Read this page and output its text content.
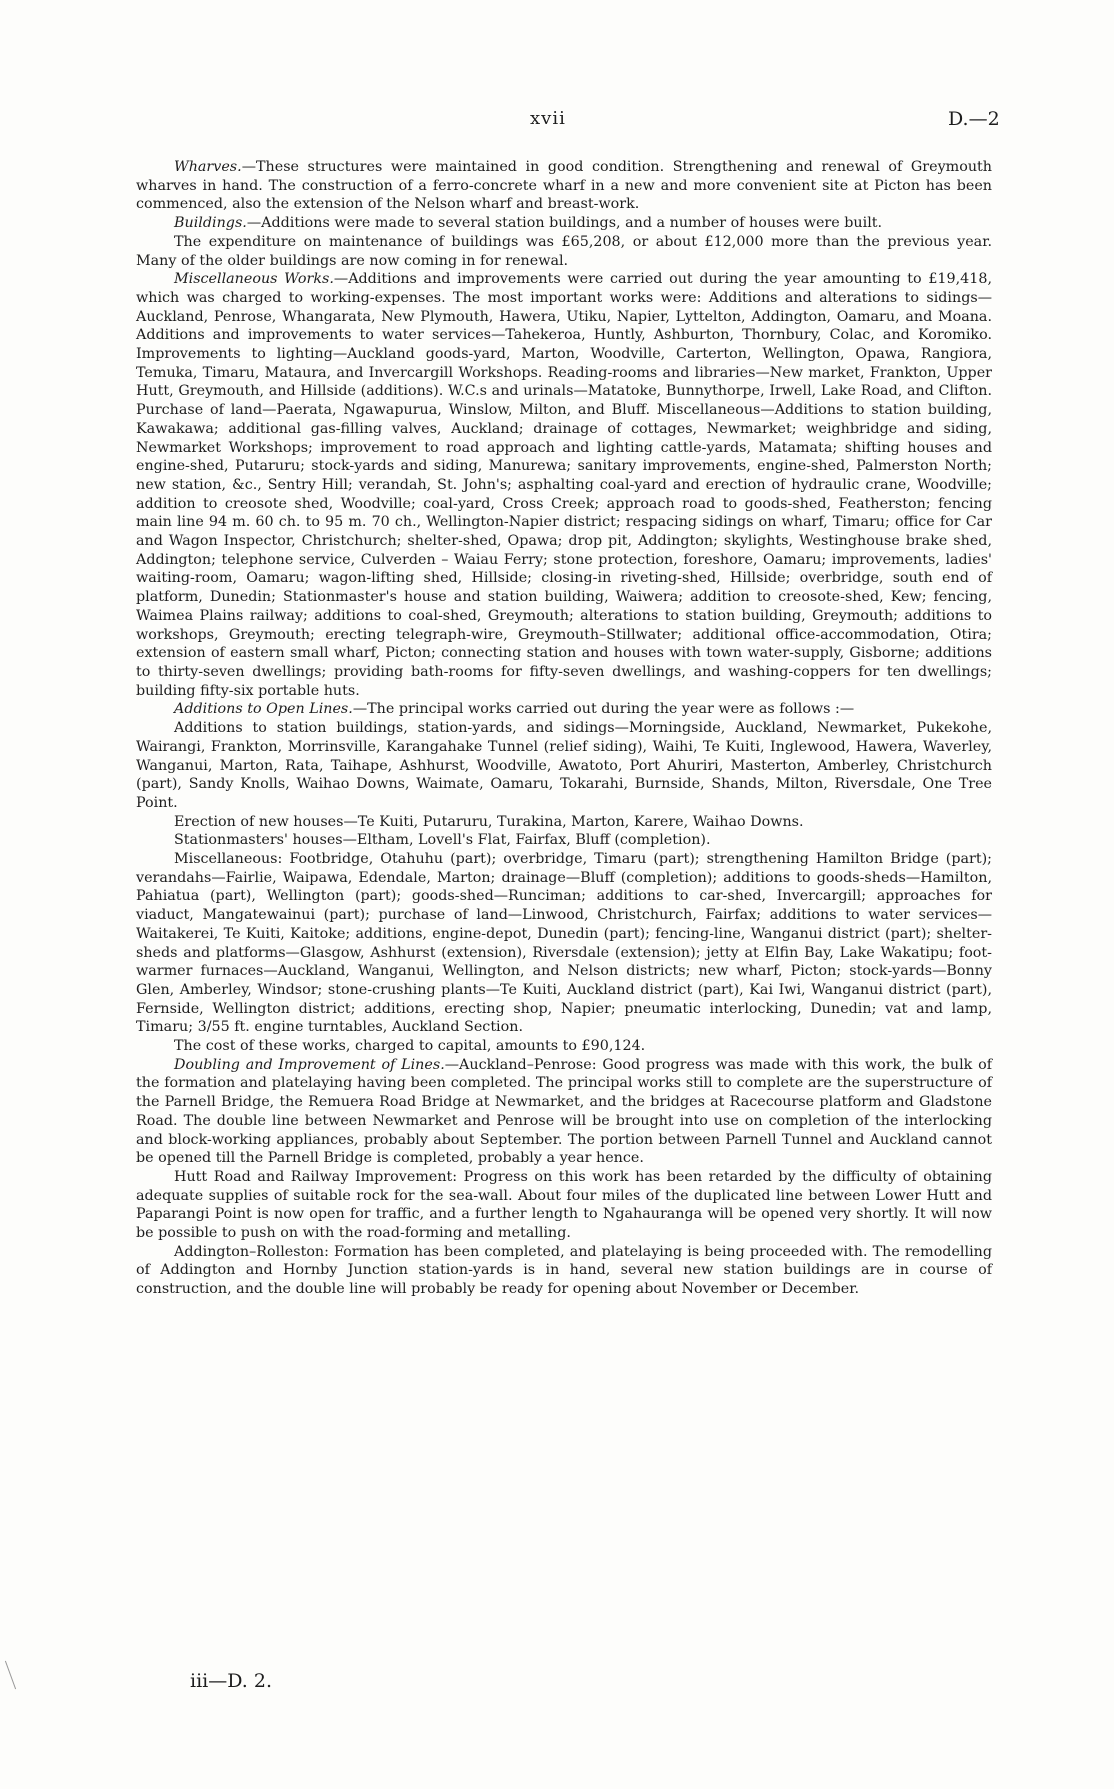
xvii	D.—2

Wharves.—These structures were maintained in good condition. Strengthening and renewal of Greymouth wharves in hand. The construction of a ferro-concrete wharf in a new and more convenient site at Picton has been commenced, also the extension of the Nelson wharf and breast-work.

Buildings.—Additions were made to several station buildings, and a number of houses were built.

The expenditure on maintenance of buildings was £65,208, or about £12,000 more than the previous year. Many of the older buildings are now coming in for renewal.

Miscellaneous Works.—Additions and improvements were carried out during the year amounting to £19,418, which was charged to working-expenses. The most important works were: Additions and alterations to sidings—Auckland, Penrose, Whangarata, New Plymouth, Hawera, Utiku, Napier, Lyttelton, Addington, Oamaru, and Moana. Additions and improvements to water services—Tahekeroa, Huntly, Ashburton, Thornbury, Colac, and Koromiko. Improvements to lighting—Auckland goods-yard, Marton, Woodville, Carterton, Wellington, Opawa, Rangiora, Temuka, Timaru, Mataura, and Invercargill Workshops. Reading-rooms and libraries—New market, Frankton, Upper Hutt, Greymouth, and Hillside (additions). W.C.s and urinals—Matatoke, Bunnythorpe, Irwell, Lake Road, and Clifton. Purchase of land—Paerata, Ngawapurua, Winslow, Milton, and Bluff. Miscellaneous—Additions to station building, Kawakawa; additional gas-filling valves, Auckland; drainage of cottages, Newmarket; weighbridge and siding, Newmarket Workshops; improvement to road approach and lighting cattle-yards, Matamata; shifting houses and engine-shed, Putaruru; stock-yards and siding, Manurewa; sanitary improvements, engine-shed, Palmerston North; new station, &c., Sentry Hill; verandah, St. John's; asphalting coal-yard and erection of hydraulic crane, Woodville; addition to creosote shed, Woodville; coal-yard, Cross Creek; approach road to goods-shed, Featherston; fencing main line 94 m. 60 ch. to 95 m. 70 ch., Wellington-Napier district; respacing sidings on wharf, Timaru; office for Car and Wagon Inspector, Christchurch; shelter-shed, Opawa; drop pit, Addington; skylights, Westinghouse brake shed, Addington; telephone service, Culverden – Waiau Ferry; stone protection, foreshore, Oamaru; improvements, ladies' waiting-room, Oamaru; wagon-lifting shed, Hillside; closing-in riveting-shed, Hillside; overbridge, south end of platform, Dunedin; Stationmaster's house and station building, Waiwera; addition to creosote-shed, Kew; fencing, Waimea Plains railway; additions to coal-shed, Greymouth; alterations to station building, Greymouth; additions to workshops, Greymouth; erecting telegraph-wire, Greymouth–Stillwater; additional office-accommodation, Otira; extension of eastern small wharf, Picton; connecting station and houses with town water-supply, Gisborne; additions to thirty-seven dwellings; providing bath-rooms for fifty-seven dwellings, and washing-coppers for ten dwellings; building fifty-six portable huts.

Additions to Open Lines.—The principal works carried out during the year were as follows :—

Additions to station buildings, station-yards, and sidings—Morningside, Auckland, Newmarket, Pukekohe, Wairangi, Frankton, Morrinsville, Karangahake Tunnel (relief siding), Waihi, Te Kuiti, Inglewood, Hawera, Waverley, Wanganui, Marton, Rata, Taihape, Ashhurst, Woodville, Awatoto, Port Ahuriri, Masterton, Amberley, Christchurch (part), Sandy Knolls, Waihao Downs, Waimate, Oamaru, Tokarahi, Burnside, Shands, Milton, Riversdale, One Tree Point.

Erection of new houses—Te Kuiti, Putaruru, Turakina, Marton, Karere, Waihao Downs.

Stationmasters' houses—Eltham, Lovell's Flat, Fairfax, Bluff (completion).

Miscellaneous: Footbridge, Otahuhu (part); overbridge, Timaru (part); strengthening Hamilton Bridge (part); verandahs—Fairlie, Waipawa, Edendale, Marton; drainage—Bluff (completion); additions to goods-sheds—Hamilton, Pahiatua (part), Wellington (part); goods-shed—Runciman; additions to car-shed, Invercargill; approaches for viaduct, Mangatewainui (part); purchase of land—Linwood, Christchurch, Fairfax; additions to water services—Waitakerei, Te Kuiti, Kaitoke; additions, engine-depot, Dunedin (part); fencing-line, Wanganui district (part); shelter-sheds and platforms—Glasgow, Ashhurst (extension), Riversdale (extension); jetty at Elfin Bay, Lake Wakatipu; foot-warmer furnaces—Auckland, Wanganui, Wellington, and Nelson districts; new wharf, Picton; stock-yards—Bonny Glen, Amberley, Windsor; stone-crushing plants—Te Kuiti, Auckland district (part), Kai Iwi, Wanganui district (part), Fernside, Wellington district; additions, erecting shop, Napier; pneumatic interlocking, Dunedin; vat and lamp, Timaru; 3/55 ft. engine turntables, Auckland Section.

The cost of these works, charged to capital, amounts to £90,124.

Doubling and Improvement of Lines.—Auckland–Penrose: Good progress was made with this work, the bulk of the formation and platelaying having been completed. The principal works still to complete are the superstructure of the Parnell Bridge, the Remuera Road Bridge at Newmarket, and the bridges at Racecourse platform and Gladstone Road. The double line between Newmarket and Penrose will be brought into use on completion of the interlocking and block-working appliances, probably about September. The portion between Parnell Tunnel and Auckland cannot be opened till the Parnell Bridge is completed, probably a year hence.

Hutt Road and Railway Improvement: Progress on this work has been retarded by the difficulty of obtaining adequate supplies of suitable rock for the sea-wall. About four miles of the duplicated line between Lower Hutt and Paparangi Point is now open for traffic, and a further length to Ngahauranga will be opened very shortly. It will now be possible to push on with the road-forming and metalling.

Addington–Rolleston: Formation has been completed, and platelaying is being proceeded with. The remodelling of Addington and Hornby Junction station-yards is in hand, several new station buildings are in course of construction, and the double line will probably be ready for opening about November or December.

iii—D. 2.
